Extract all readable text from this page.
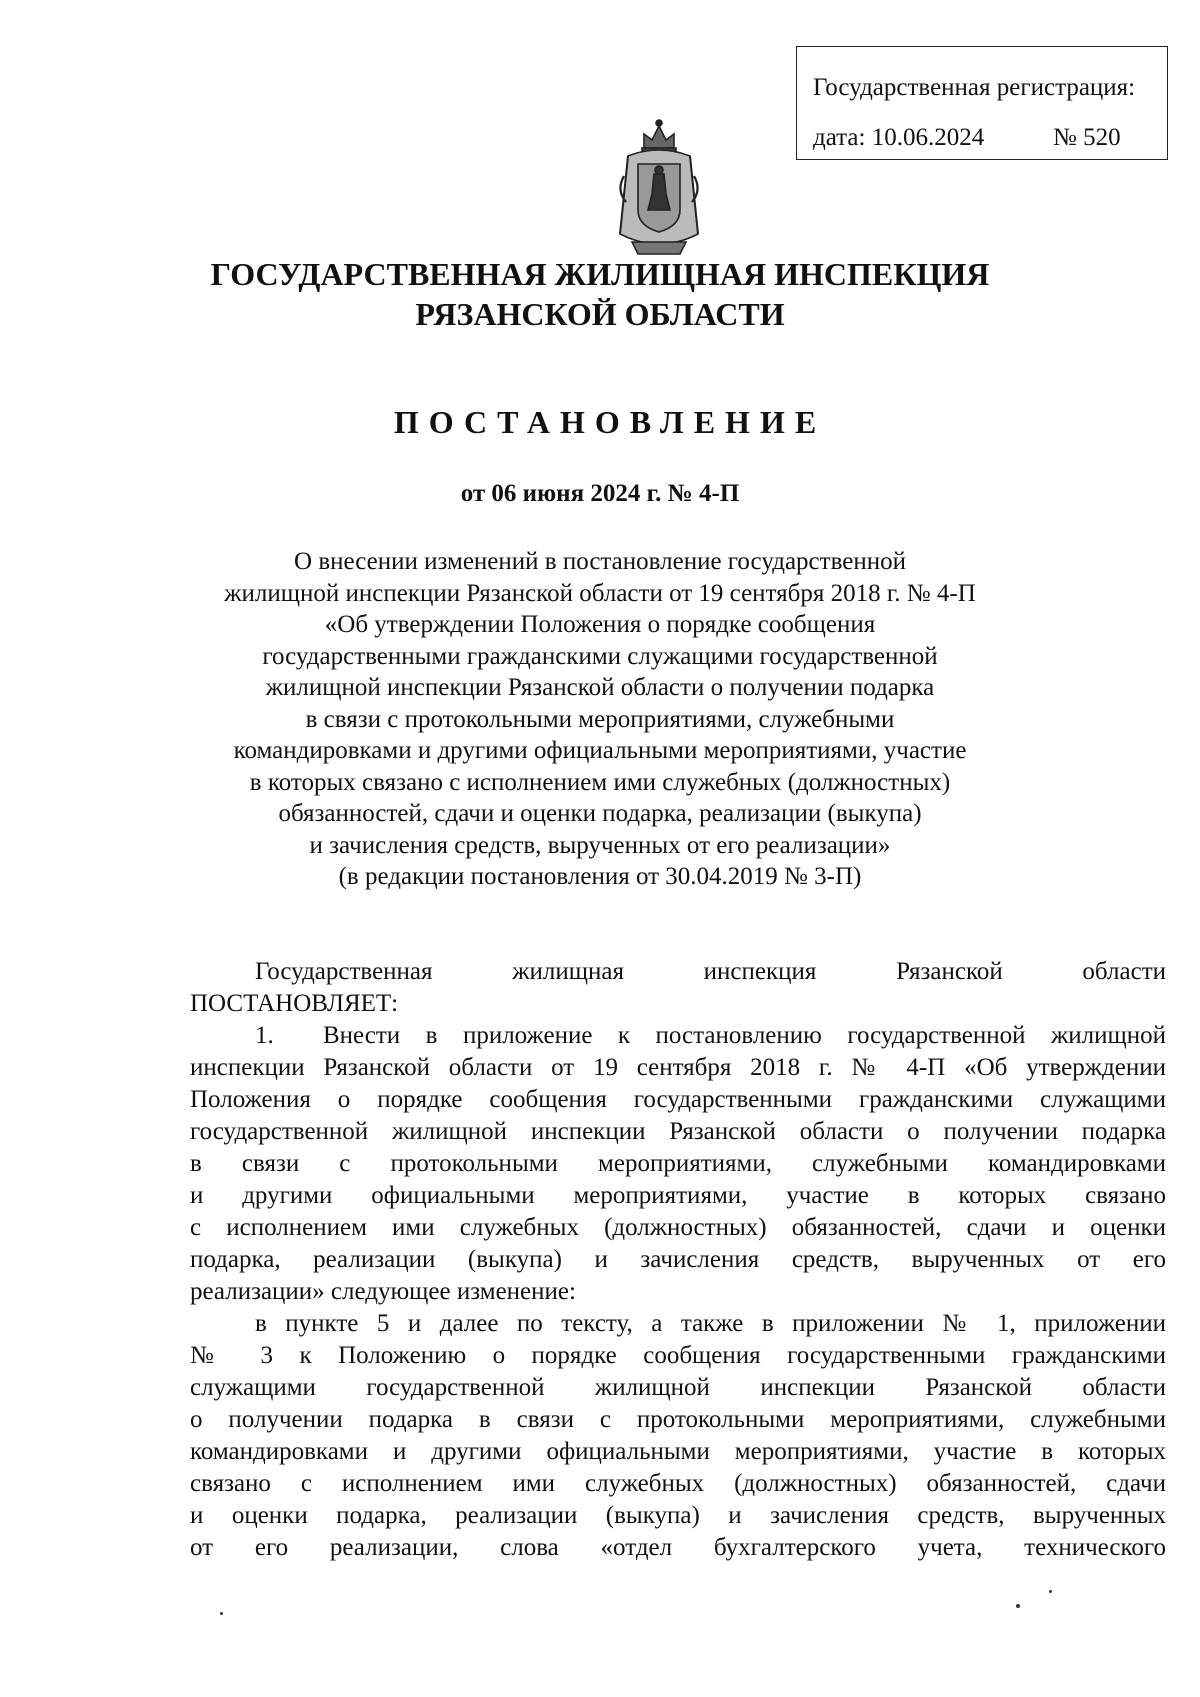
Государственная регистрация:
дата: 10.06.2024	№ 520
ГОСУДАРСТВЕННАЯ ЖИЛИЩНАЯ ИНСПЕКЦИЯ
РЯЗАНСКОЙ ОБЛАСТИ
ПОСТАНОВЛЕНИЕ
от 06 июня 2024 г. № 4-П
О внесении изменений в постановление государственной
жилищной инспекции Рязанской области от 19 сентября 2018 г. № 4-П
«Об утверждении Положения о порядке сообщения
государственными гражданскими служащими государственной
жилищной инспекции Рязанской области о получении подарка
в связи с протокольными мероприятиями, служебными
командировками и другими официальными мероприятиями, участие
в которых связано с исполнением ими служебных (должностных)
обязанностей, сдачи и оценки подарка, реализации (выкупа)
и зачисления средств, вырученных от его реализации»
(в редакции постановления от 30.04.2019 № 3-П)
Государственная жилищная инспекция Рязанской области
ПОСТАНОВЛЯЕТ:
1. Внести в приложение к постановлению государственной жилищной
инспекции Рязанской области от 19 сентября 2018 г. № 4-П «Об утверждении
Положения о порядке сообщения государственными гражданскими служащими
государственной жилищной инспекции Рязанской области о получении подарка
в связи с протокольными мероприятиями, служебными командировками
и другими официальными мероприятиями, участие в которых связано
с исполнением ими служебных (должностных) обязанностей, сдачи и оценки
подарка, реализации (выкупа) и зачисления средств, вырученных от его
реализации» следующее изменение:
в пункте 5 и далее по тексту, а также в приложении № 1, приложении
№ 3 к Положению о порядке сообщения государственными гражданскими
служащими государственной жилищной инспекции Рязанской области
о получении подарка в связи с протокольными мероприятиями, служебными
командировками и другими официальными мероприятиями, участие в которых
связано с исполнением ими служебных (должностных) обязанностей, сдачи
и оценки подарка, реализации (выкупа) и зачисления средств, вырученных
от его реализации, слова «отдел бухгалтерского учета, технического
